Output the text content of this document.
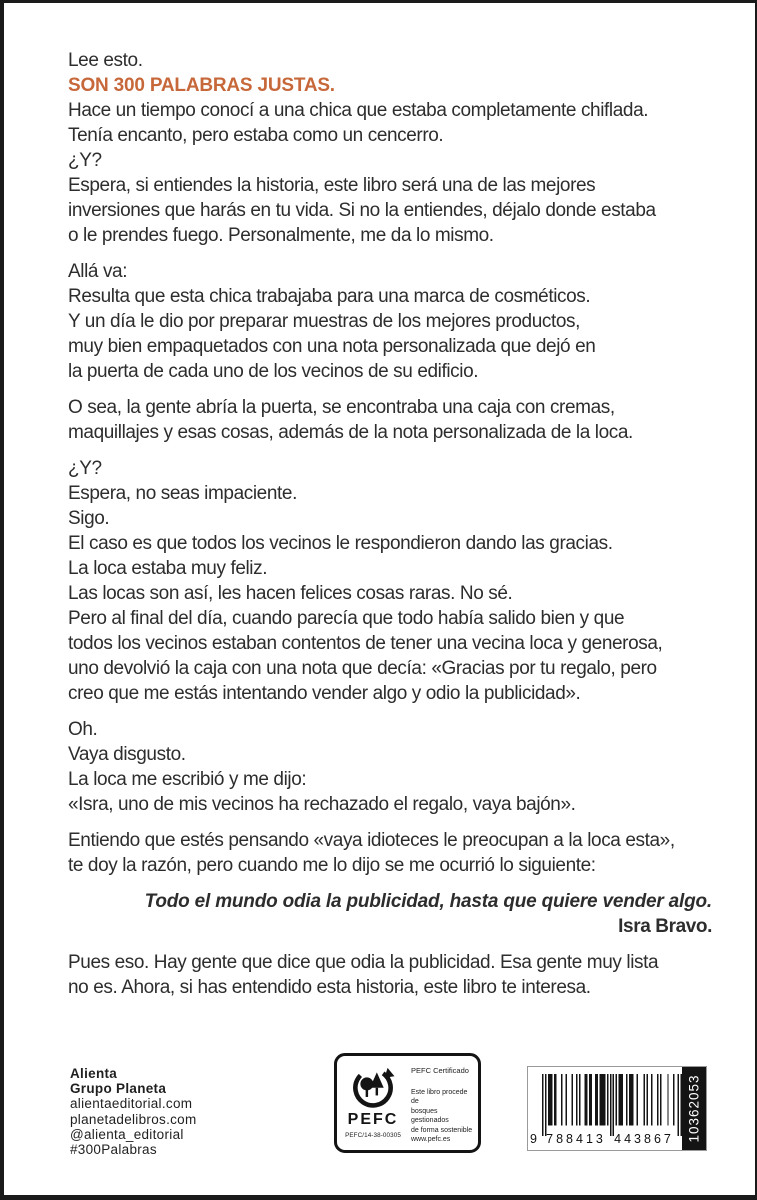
Lee esto.
SON 300 PALABRAS JUSTAS.
Hace un tiempo conocí a una chica que estaba completamente chiflada.
Tenía encanto, pero estaba como un cencerro.
¿Y?
Espera, si entiendes la historia, este libro será una de las mejores
inversiones que harás en tu vida. Si no la entiendes, déjalo donde estaba
o le prendes fuego. Personalmente, me da lo mismo.
Allá va:
Resulta que esta chica trabajaba para una marca de cosméticos.
Y un día le dio por preparar muestras de los mejores productos,
muy bien empaquetados con una nota personalizada que dejó en
la puerta de cada uno de los vecinos de su edificio.
O sea, la gente abría la puerta, se encontraba una caja con cremas,
maquillajes y esas cosas, además de la nota personalizada de la loca.
¿Y?
Espera, no seas impaciente.
Sigo.
El caso es que todos los vecinos le respondieron dando las gracias.
La loca estaba muy feliz.
Las locas son así, les hacen felices cosas raras. No sé.
Pero al final del día, cuando parecía que todo había salido bien y que
todos los vecinos estaban contentos de tener una vecina loca y generosa,
uno devolvió la caja con una nota que decía: «Gracias por tu regalo, pero
creo que me estás intentando vender algo y odio la publicidad».
Oh.
Vaya disgusto.
La loca me escribió y me dijo:
«Isra, uno de mis vecinos ha rechazado el regalo, vaya bajón».
Entiendo que estés pensando «vaya idioteces le preocupan a la loca esta»,
te doy la razón, pero cuando me lo dijo se me ocurrió lo siguiente:
Todo el mundo odia la publicidad, hasta que quiere vender algo.
Isra Bravo.
Pues eso. Hay gente que dice que odia la publicidad. Esa gente muy lista
no es. Ahora, si has entendido esta historia, este libro te interesa.
Alienta
Grupo Planeta
alientaeditorial.com
planetadelibros.com
@alienta_editorial
#300Palabras
PEFC
PEFC/14-38-00305
PEFC Certificado
Este libro procede de
bosques gestionados
de forma sostenible
www.pefc.es	9 788413 443867 10362053
